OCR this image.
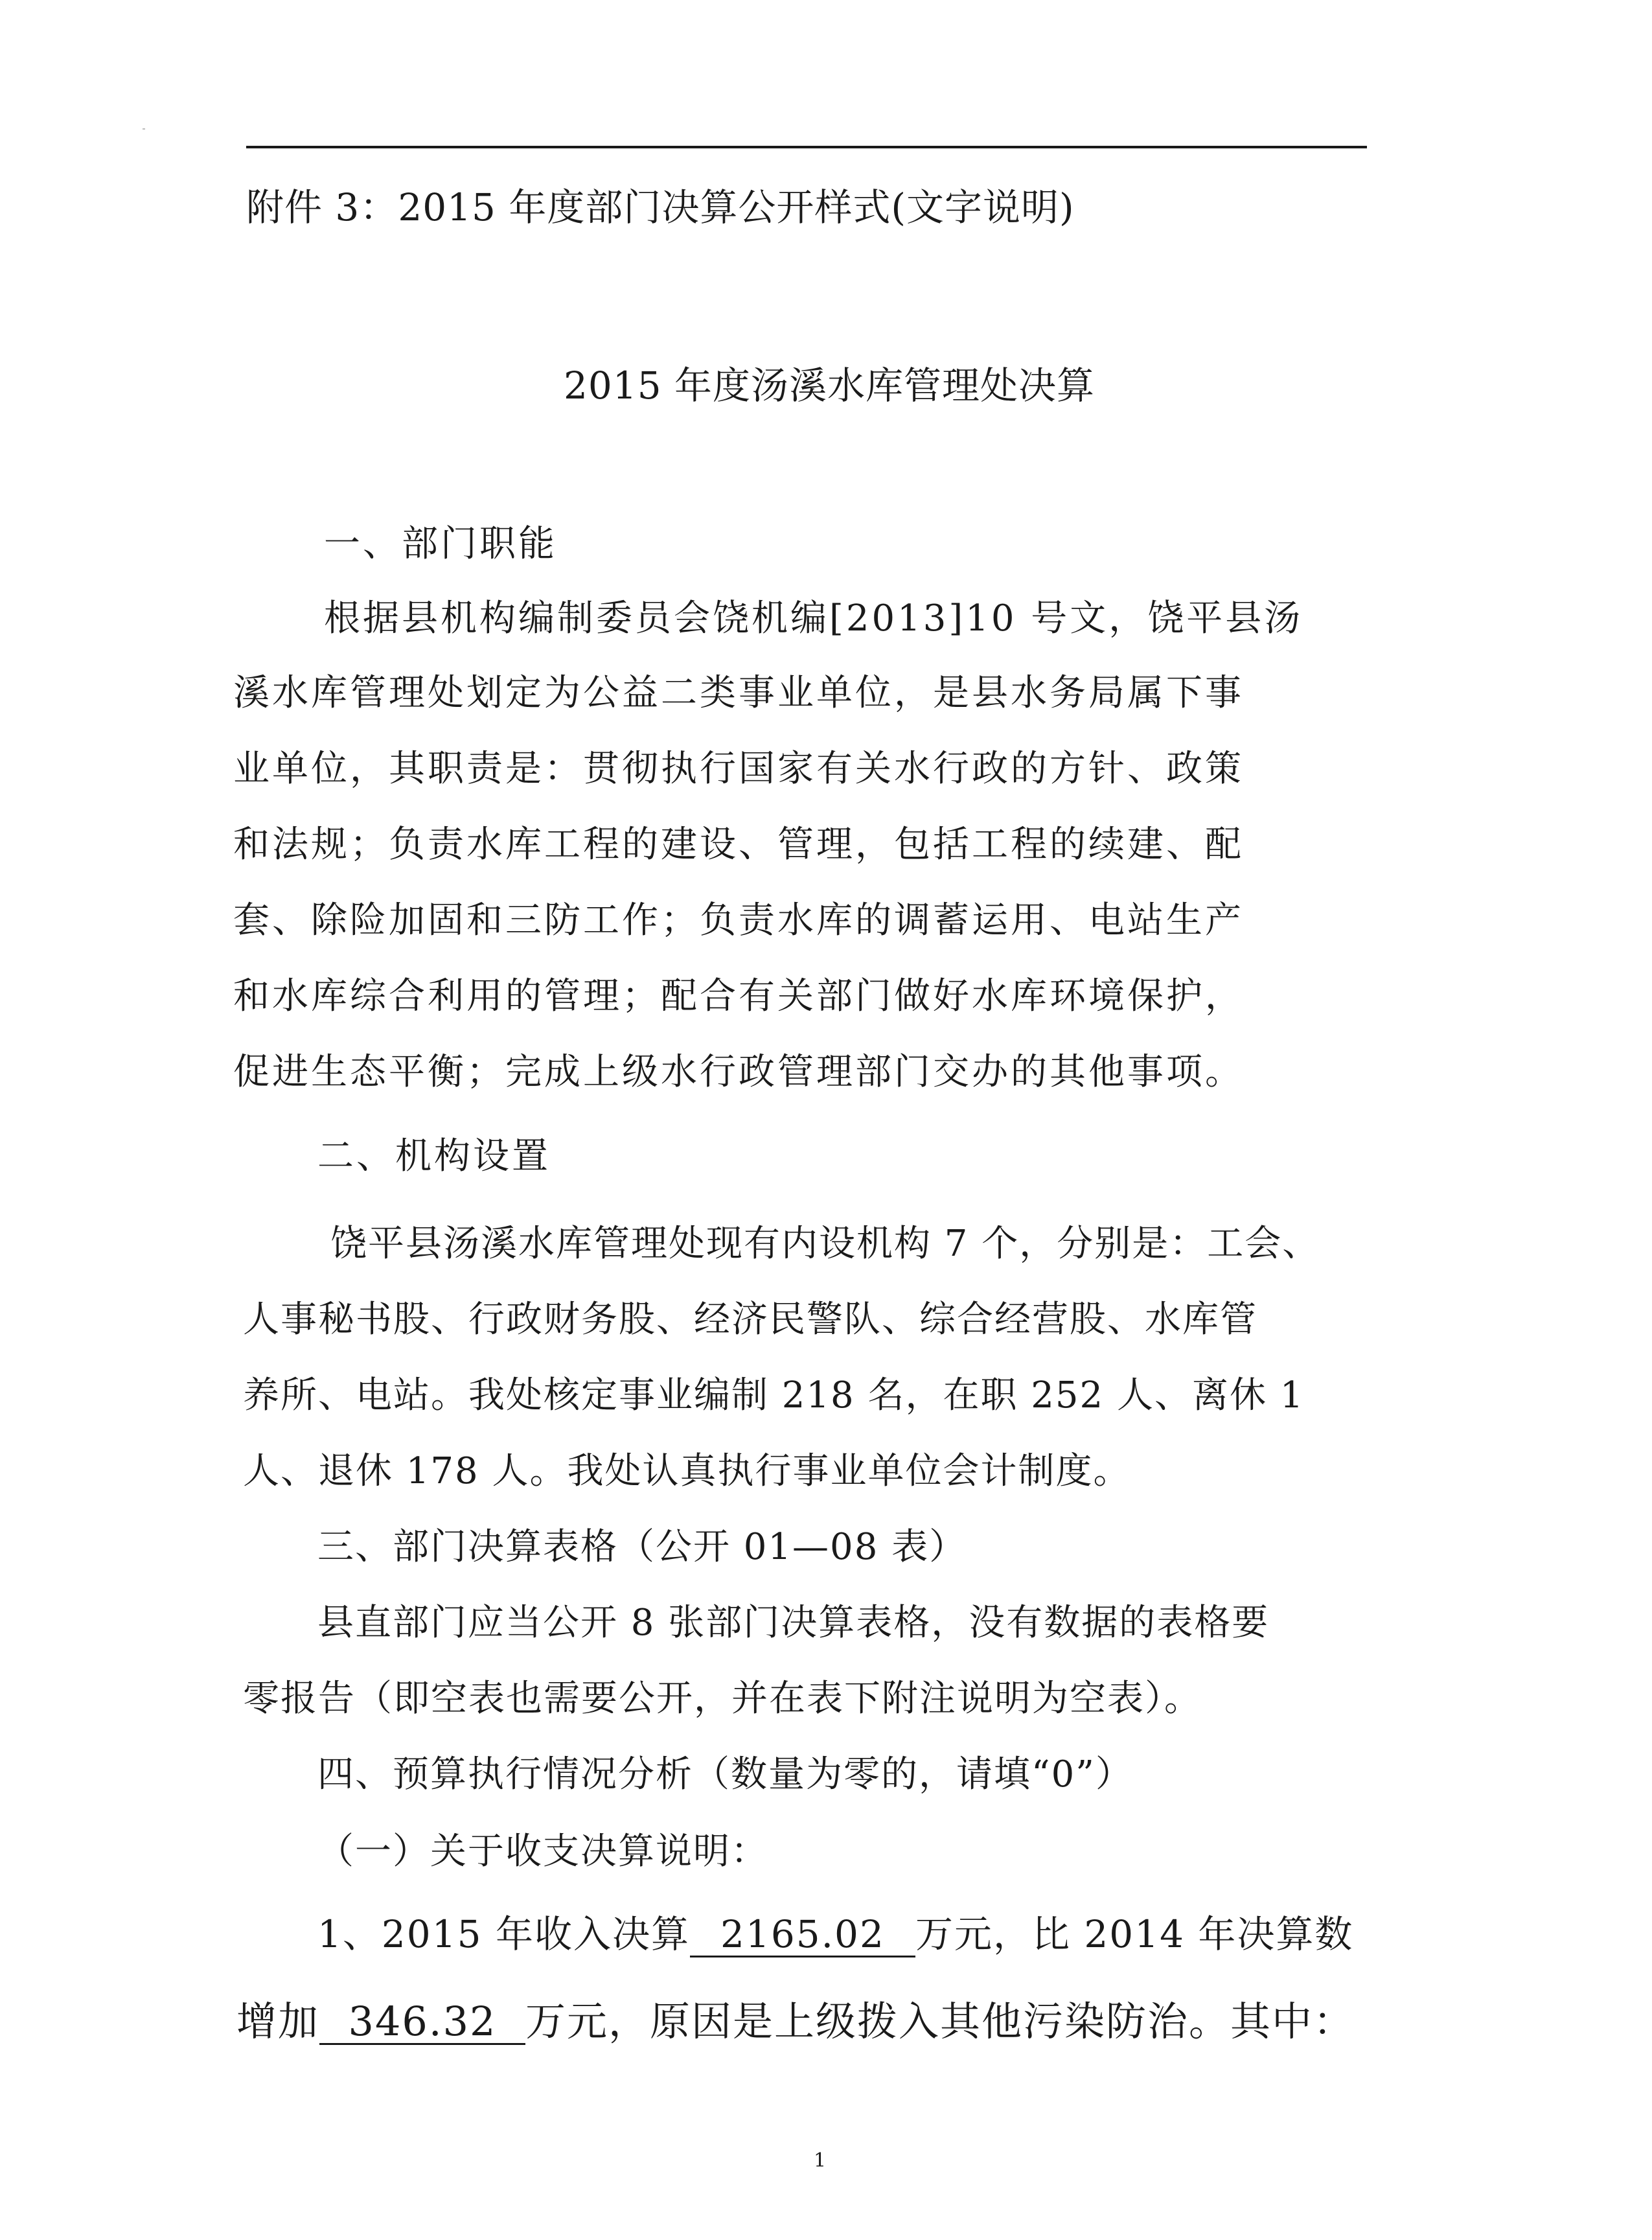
附件 3：2015 年度部门决算公开样式(文字说明)
2015 年度汤溪水库管理处决算
一、部门职能
根据县机构编制委员会饶机编[2013]10 号文，饶平县汤
溪水库管理处划定为公益二类事业单位，是县水务局属下事
业单位，其职责是：贯彻执行国家有关水行政的方针、政策
和法规；负责水库工程的建设、管理，包括工程的续建、配
套、除险加固和三防工作；负责水库的调蓄运用、电站生产
和水库综合利用的管理；配合有关部门做好水库环境保护，
促进生态平衡；完成上级水行政管理部门交办的其他事项。
二、机构设置
饶平县汤溪水库管理处现有内设机构 7 个，分别是：工会、
人事秘书股、行政财务股、经济民警队、综合经营股、水库管
养所、电站。我处核定事业编制 218 名，在职 252 人、离休 1
人、退休 178 人。我处认真执行事业单位会计制度。
三、部门决算表格（公开 01—08 表）
县直部门应当公开 8 张部门决算表格，没有数据的表格要
零报告（即空表也需要公开，并在表下附注说明为空表）。
四、预算执行情况分析（数量为零的，请填“0”）
（一）关于收支决算说明：
1、2015 年收入决算 2165.02 万元，比 2014 年决算数
增加 346.32 万元，原因是上级拨入其他污染防治。其中：
1
